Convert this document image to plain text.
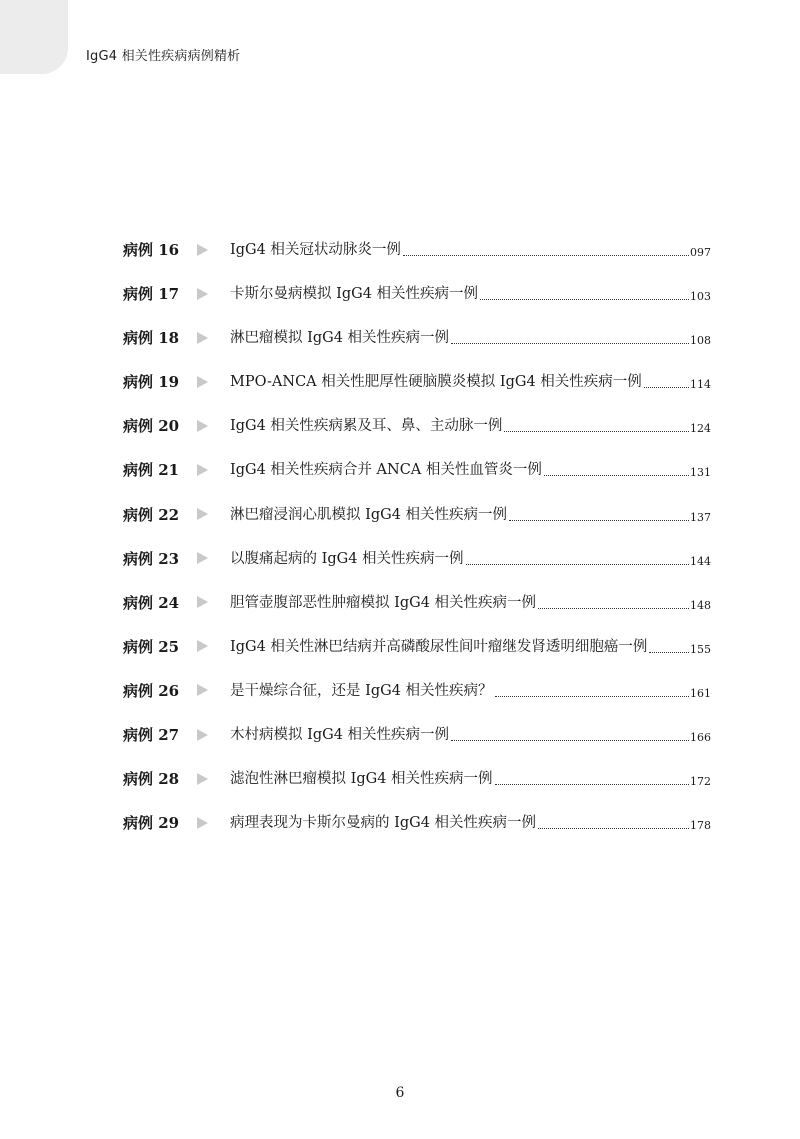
IgG4 相关性疾病病例精析
病例 16	IgG4 相关冠状动脉炎一例	097
病例 17	卡斯尔曼病模拟 IgG4 相关性疾病一例	103
病例 18	淋巴瘤模拟 IgG4 相关性疾病一例	108
病例 19	MPO-ANCA 相关性肥厚性硬脑膜炎模拟 IgG4 相关性疾病一例	114
病例 20	IgG4 相关性疾病累及耳、鼻、主动脉一例	124
病例 21	IgG4 相关性疾病合并 ANCA 相关性血管炎一例	131
病例 22	淋巴瘤浸润心肌模拟 IgG4 相关性疾病一例	137
病例 23	以腹痛起病的 IgG4 相关性疾病一例	144
病例 24	胆管壶腹部恶性肿瘤模拟 IgG4 相关性疾病一例	148
病例 25	IgG4 相关性淋巴结病并高磷酸尿性间叶瘤继发肾透明细胞癌一例	155
病例 26	是干燥综合征，还是 IgG4 相关性疾病？	161
病例 27	木村病模拟 IgG4 相关性疾病一例	166
病例 28	滤泡性淋巴瘤模拟 IgG4 相关性疾病一例	172
病例 29	病理表现为卡斯尔曼病的 IgG4 相关性疾病一例	178
6
